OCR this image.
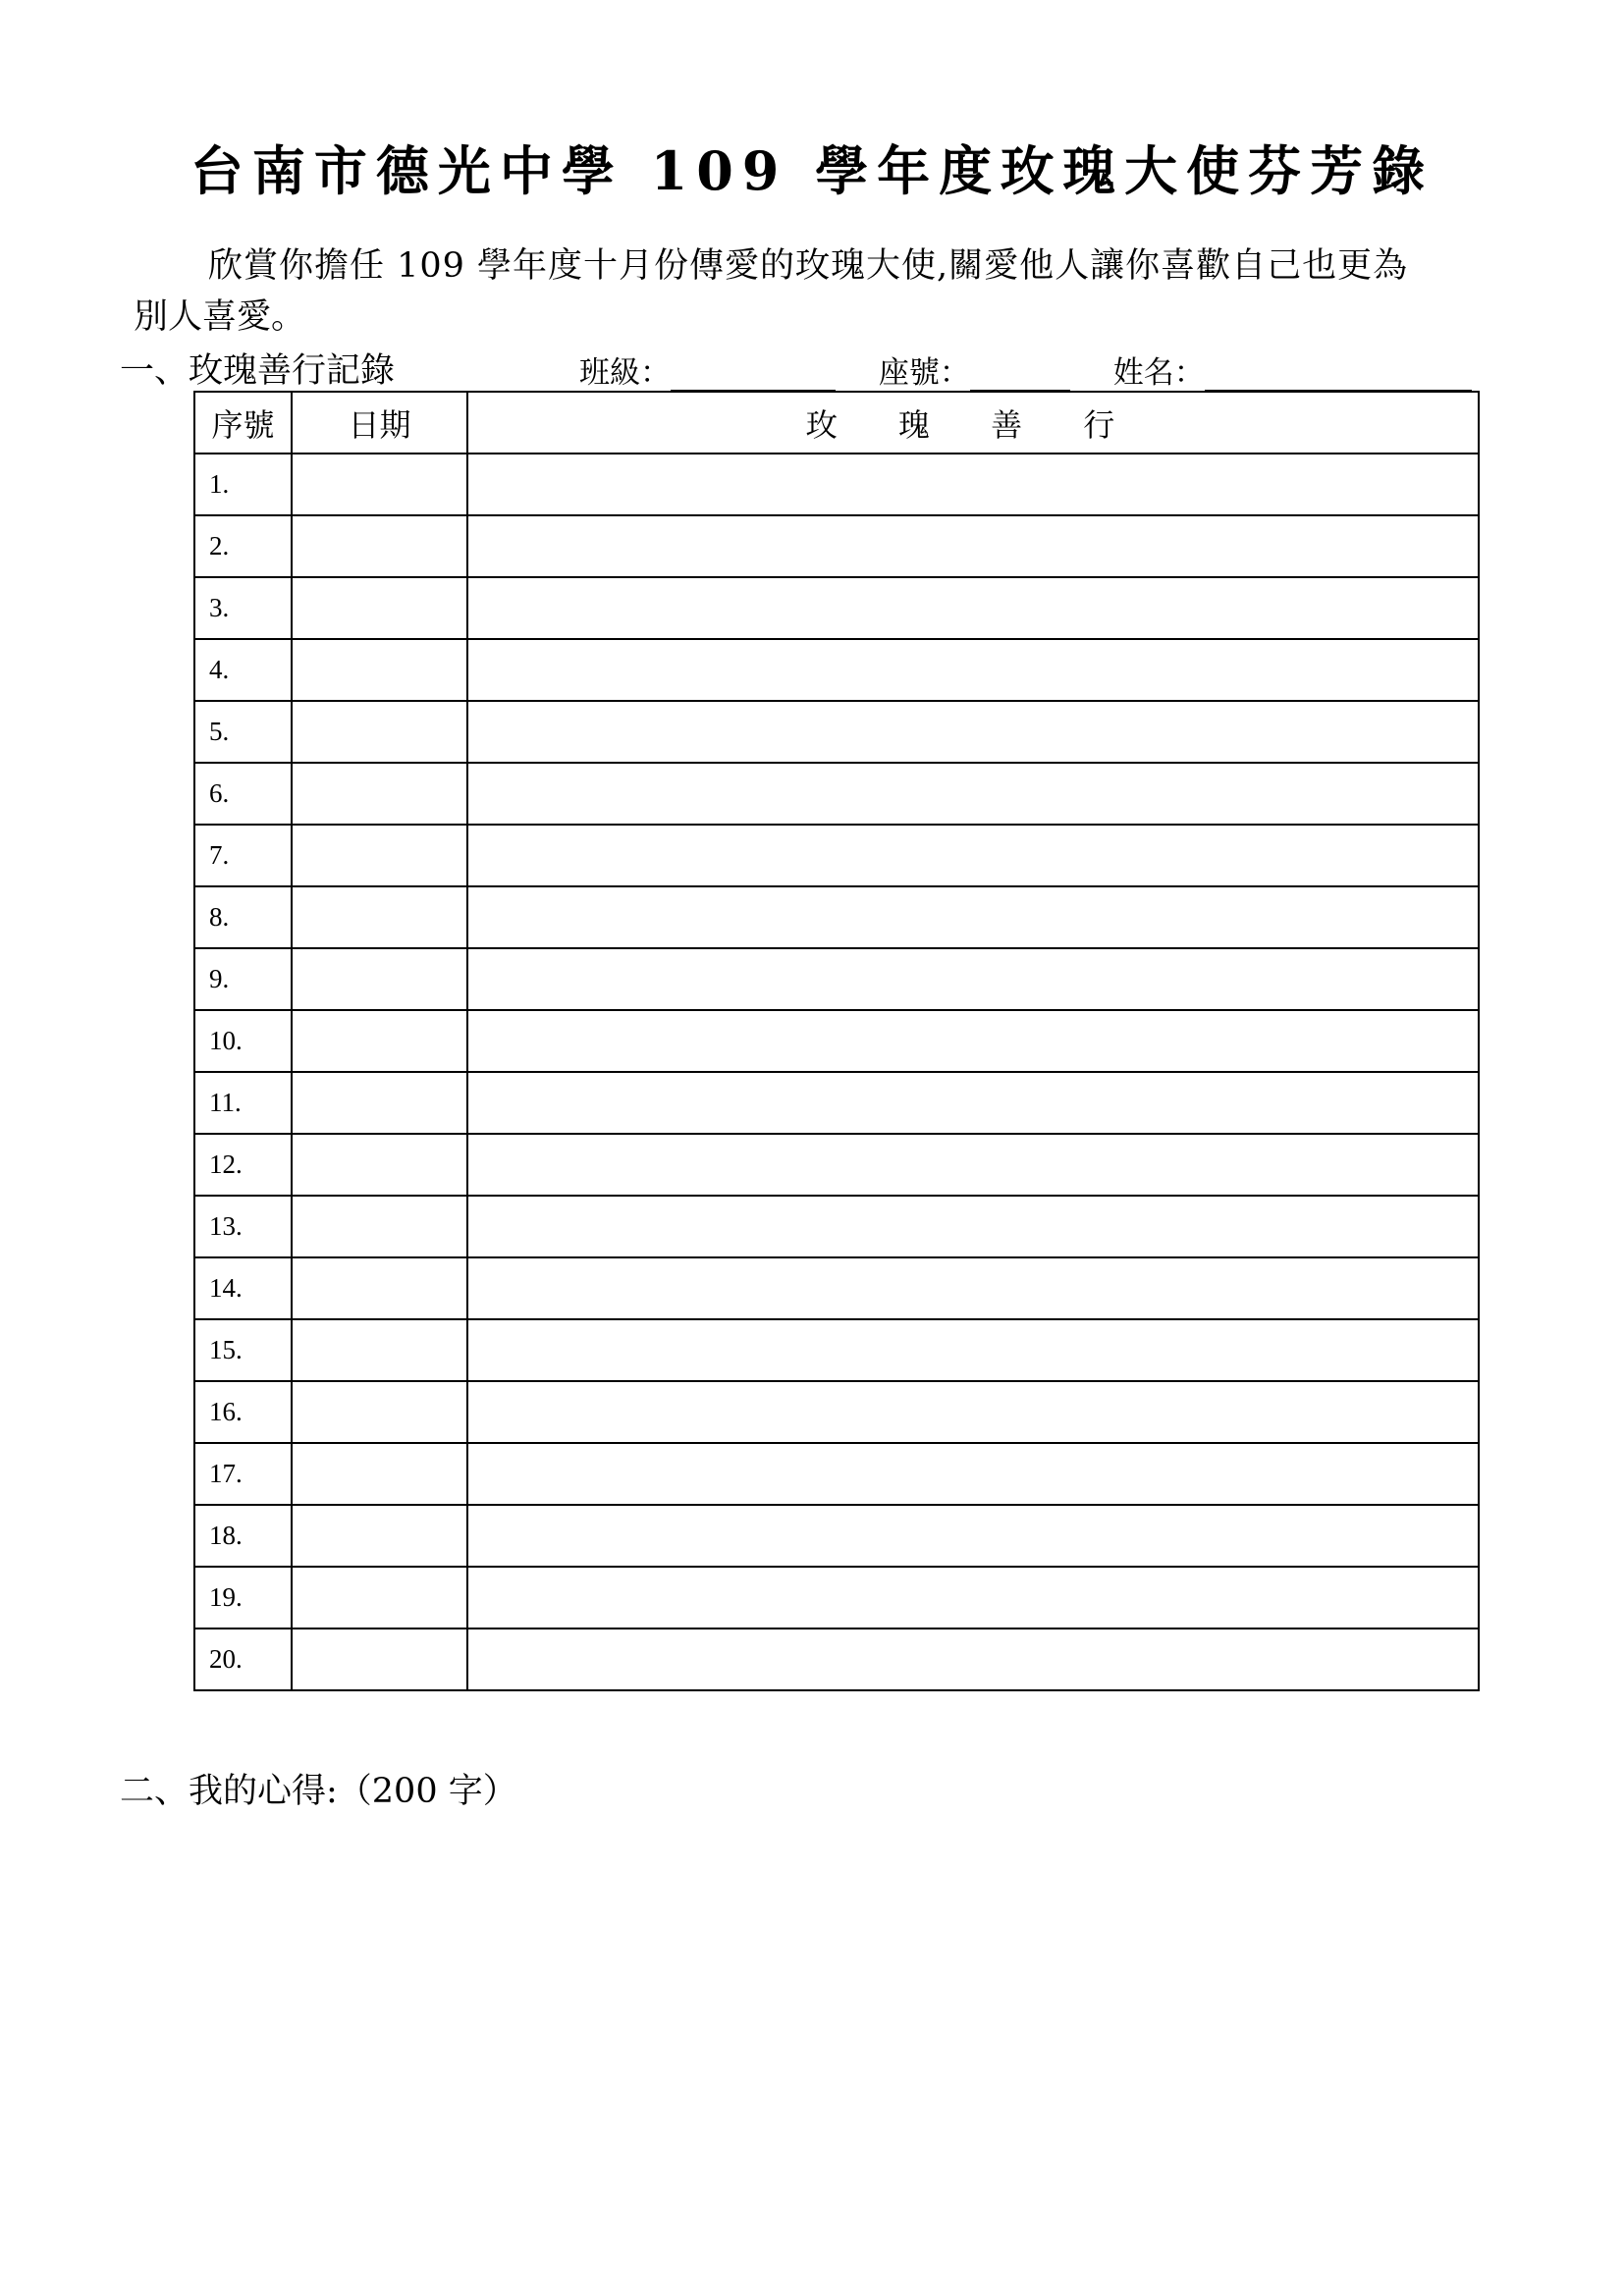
台南市德光中學 109 學年度玫瑰大使芬芳錄
欣賞你擔任 109 學年度十月份傳愛的玫瑰大使,關愛他人讓你喜歡自己也更為
別人喜愛。
一、玫瑰善行記錄	班級：	座號：	姓名：
序號	日期	玫 瑰 善 行
1.		
2.		
3.		
4.		
5.		
6.		
7.		
8.		
9.		
10.		
11.		
12.		
13.		
14.		
15.		
16.		
17.		
18.		
19.		
20.		
二、我的心得:（200 字）
